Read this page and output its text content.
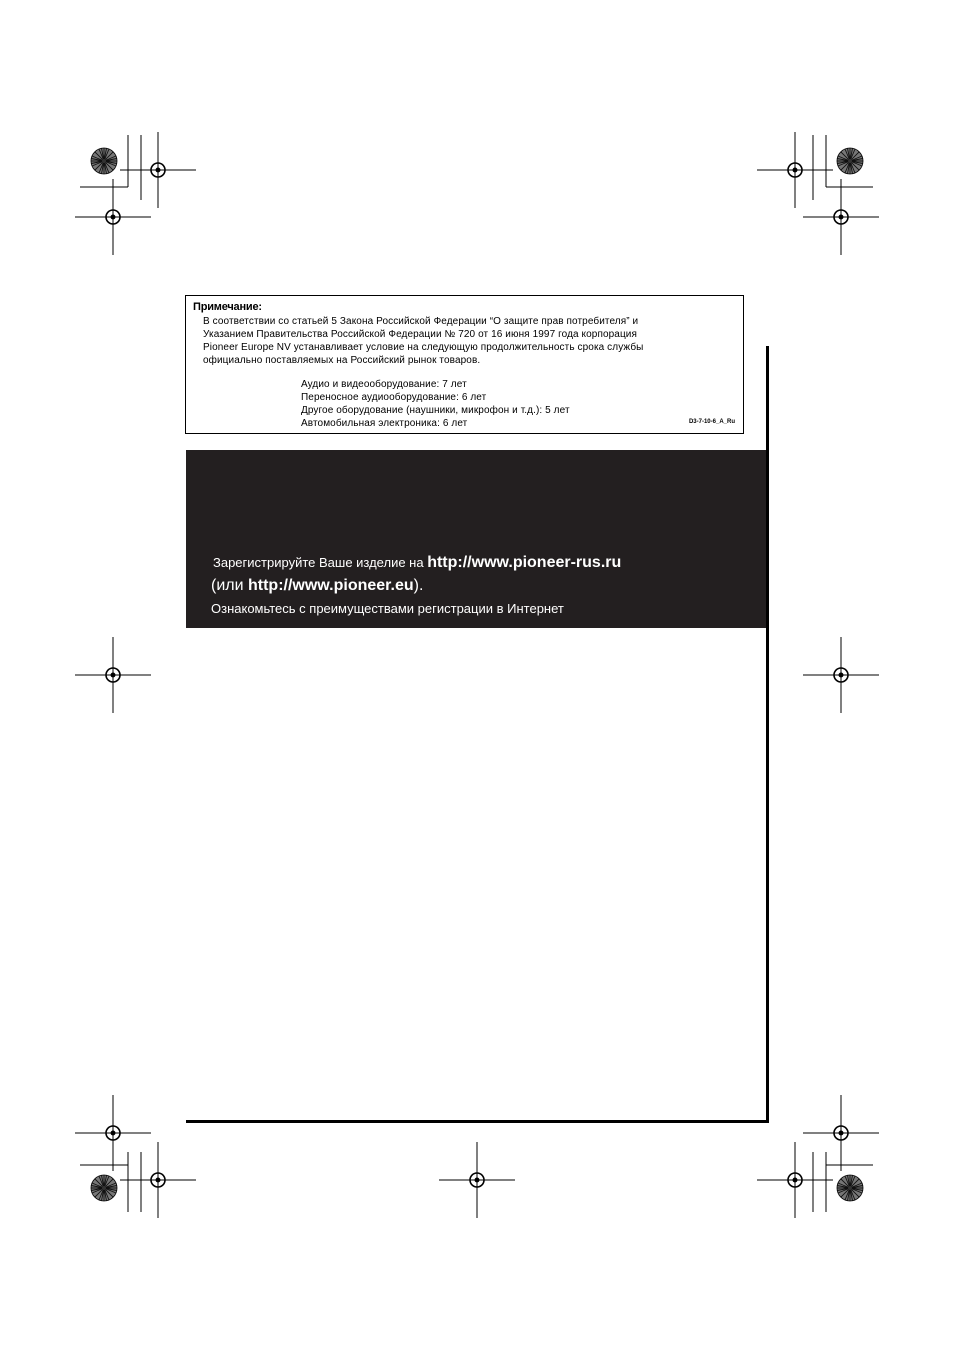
Примечание:
В соответствии со статьей 5 Закона Российской Федерации “О защите прав потребителя” и
Указанием Правительства Российской Федерации № 720 от 16 июня 1997 года корпорация
Pioneer Europe NV устанавливает условие на следующую продолжительность срока службы
официально поставляемых на Российский рынок товаров.
Аудио и видеооборудование: 7 лет
Переносное аудиооборудование: 6 лет
Другое оборудование (наушники, микрофон и т.д.): 5 лет
Автомобильная электроника: 6 лет	D3-7-10-6_A_Ru
Зарегистрируйте Ваше изделие на http://www.pioneer-rus.ru
(или http://www.pioneer.eu).
Ознакомьтесь с преимуществами регистрации в Интернет
